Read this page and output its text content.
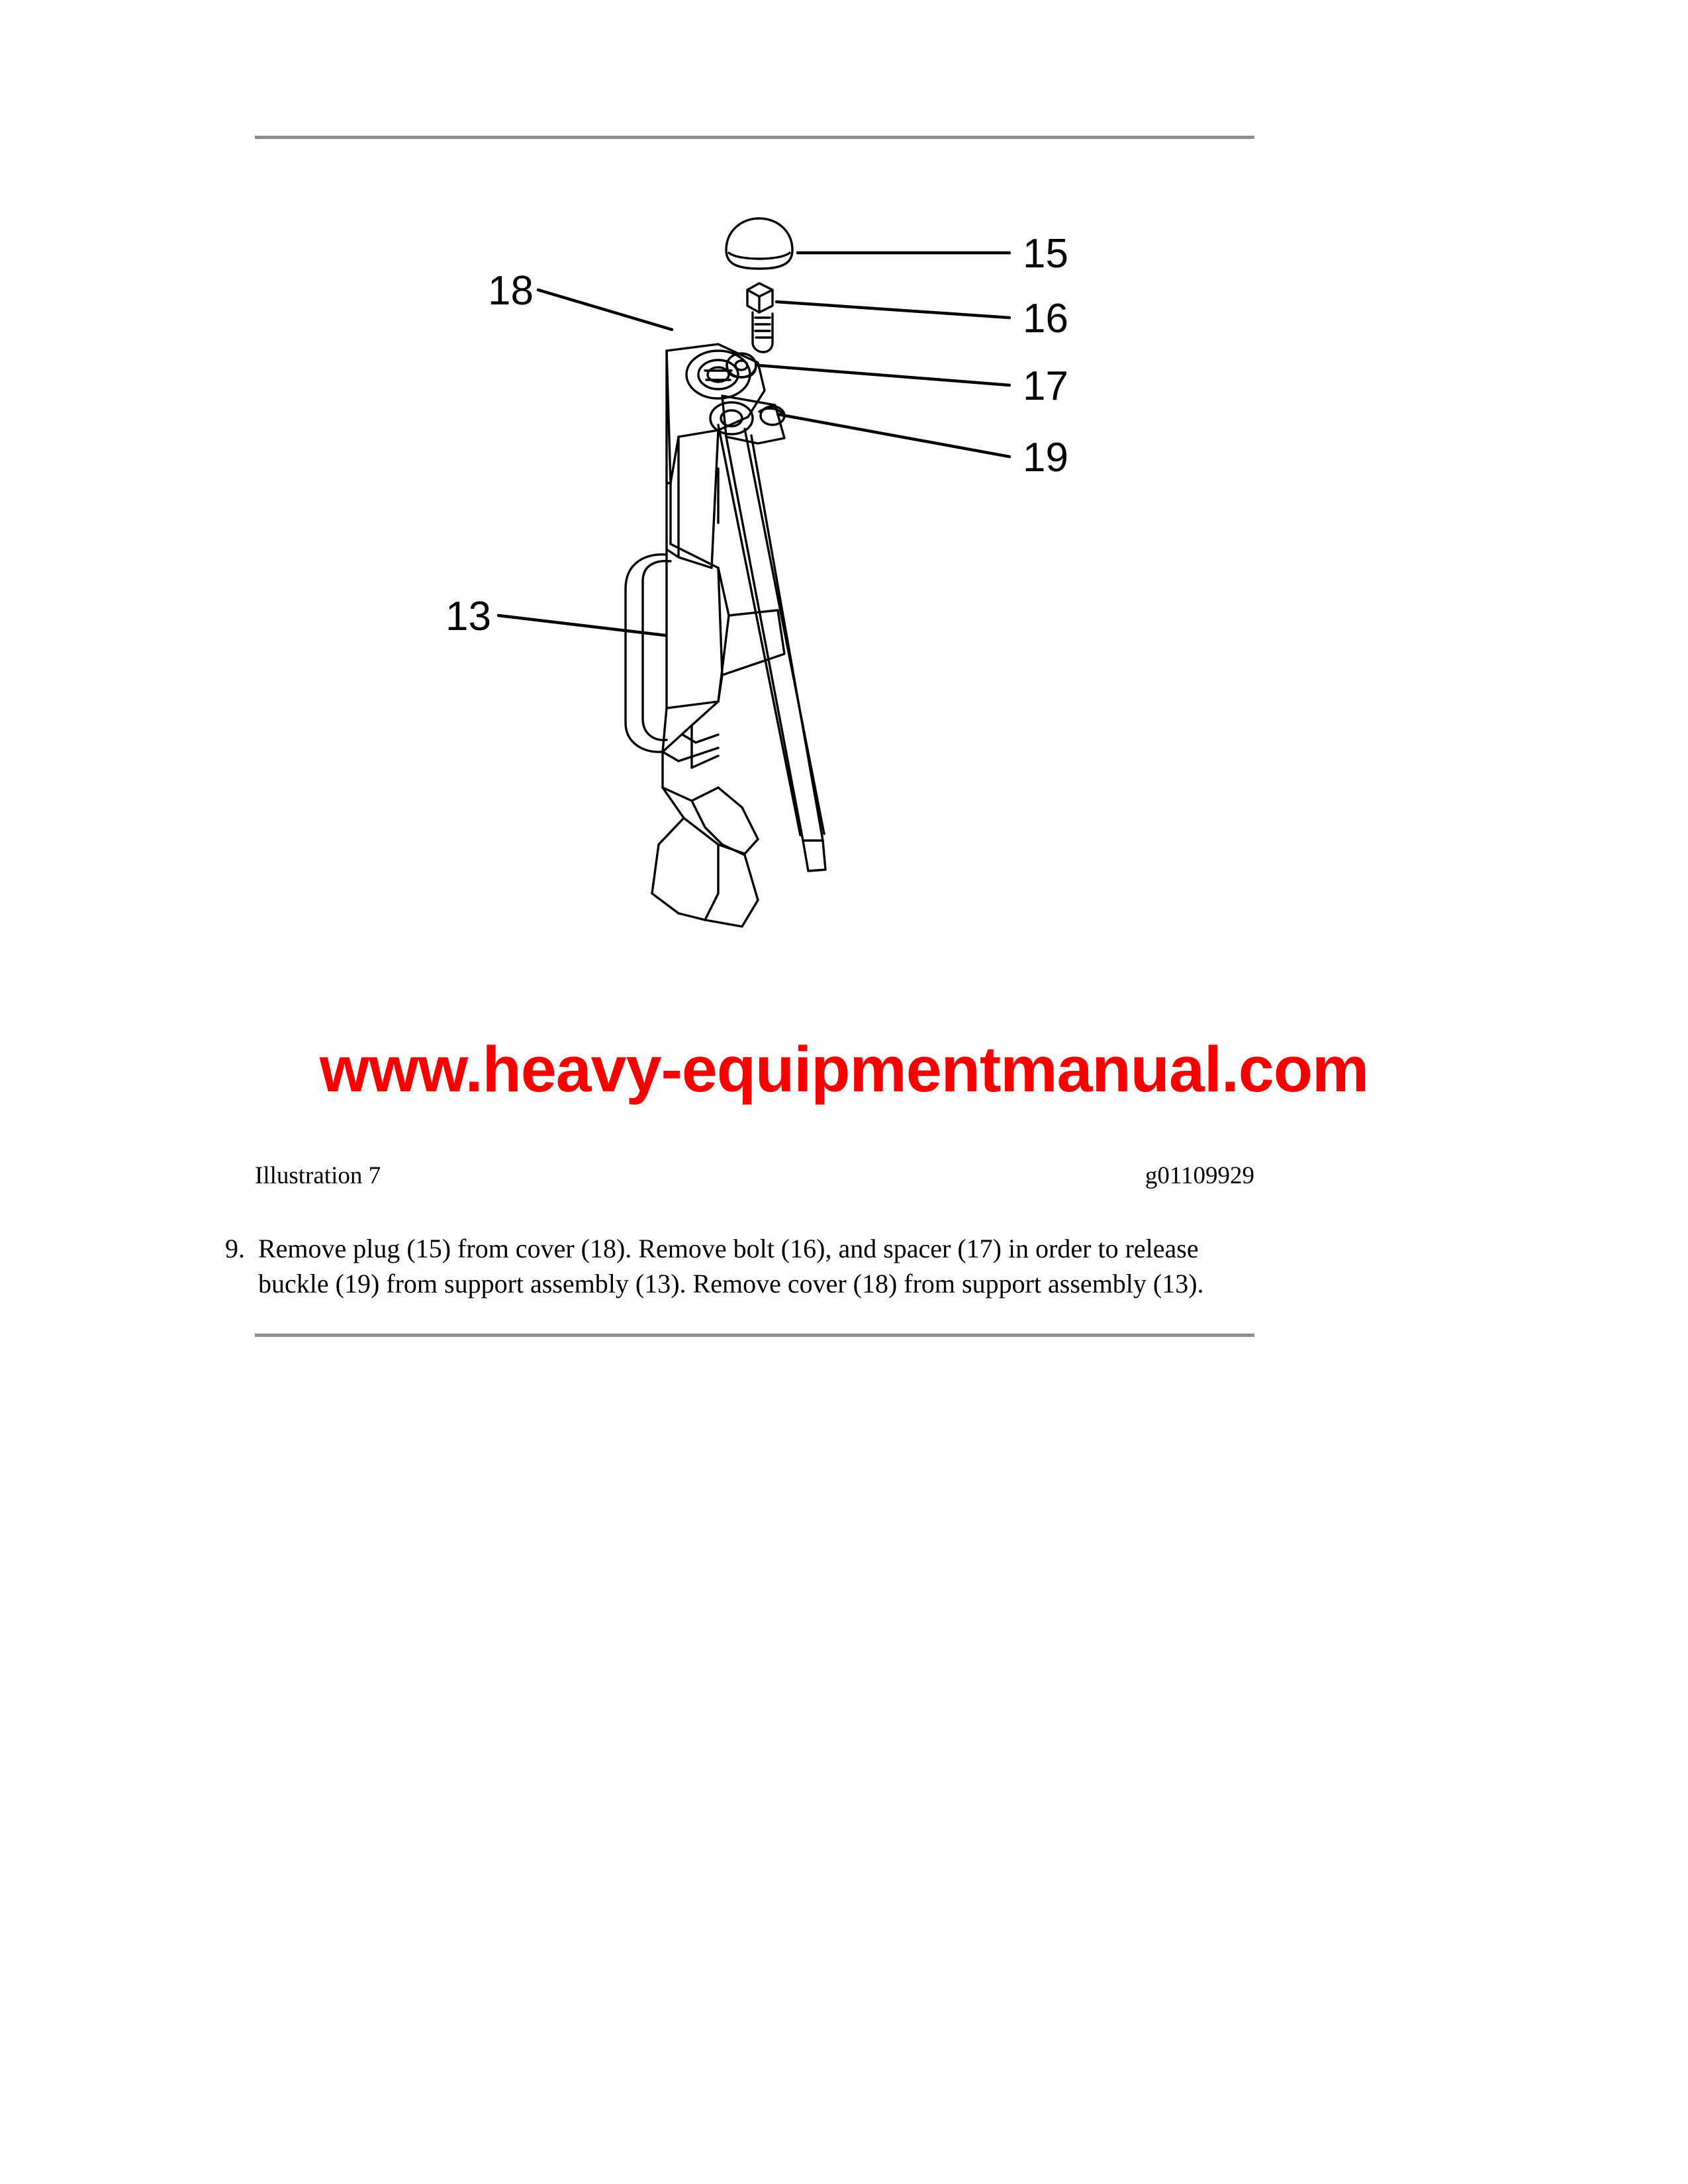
15
16
17
19
18
13
www.heavy-equipmentmanual.com
Illustration 7	g01109929
9. Remove plug (15) from cover (18). Remove bolt (16), and spacer (17) in order to release buckle (19) from support assembly (13). Remove cover (18) from support assembly (13).
